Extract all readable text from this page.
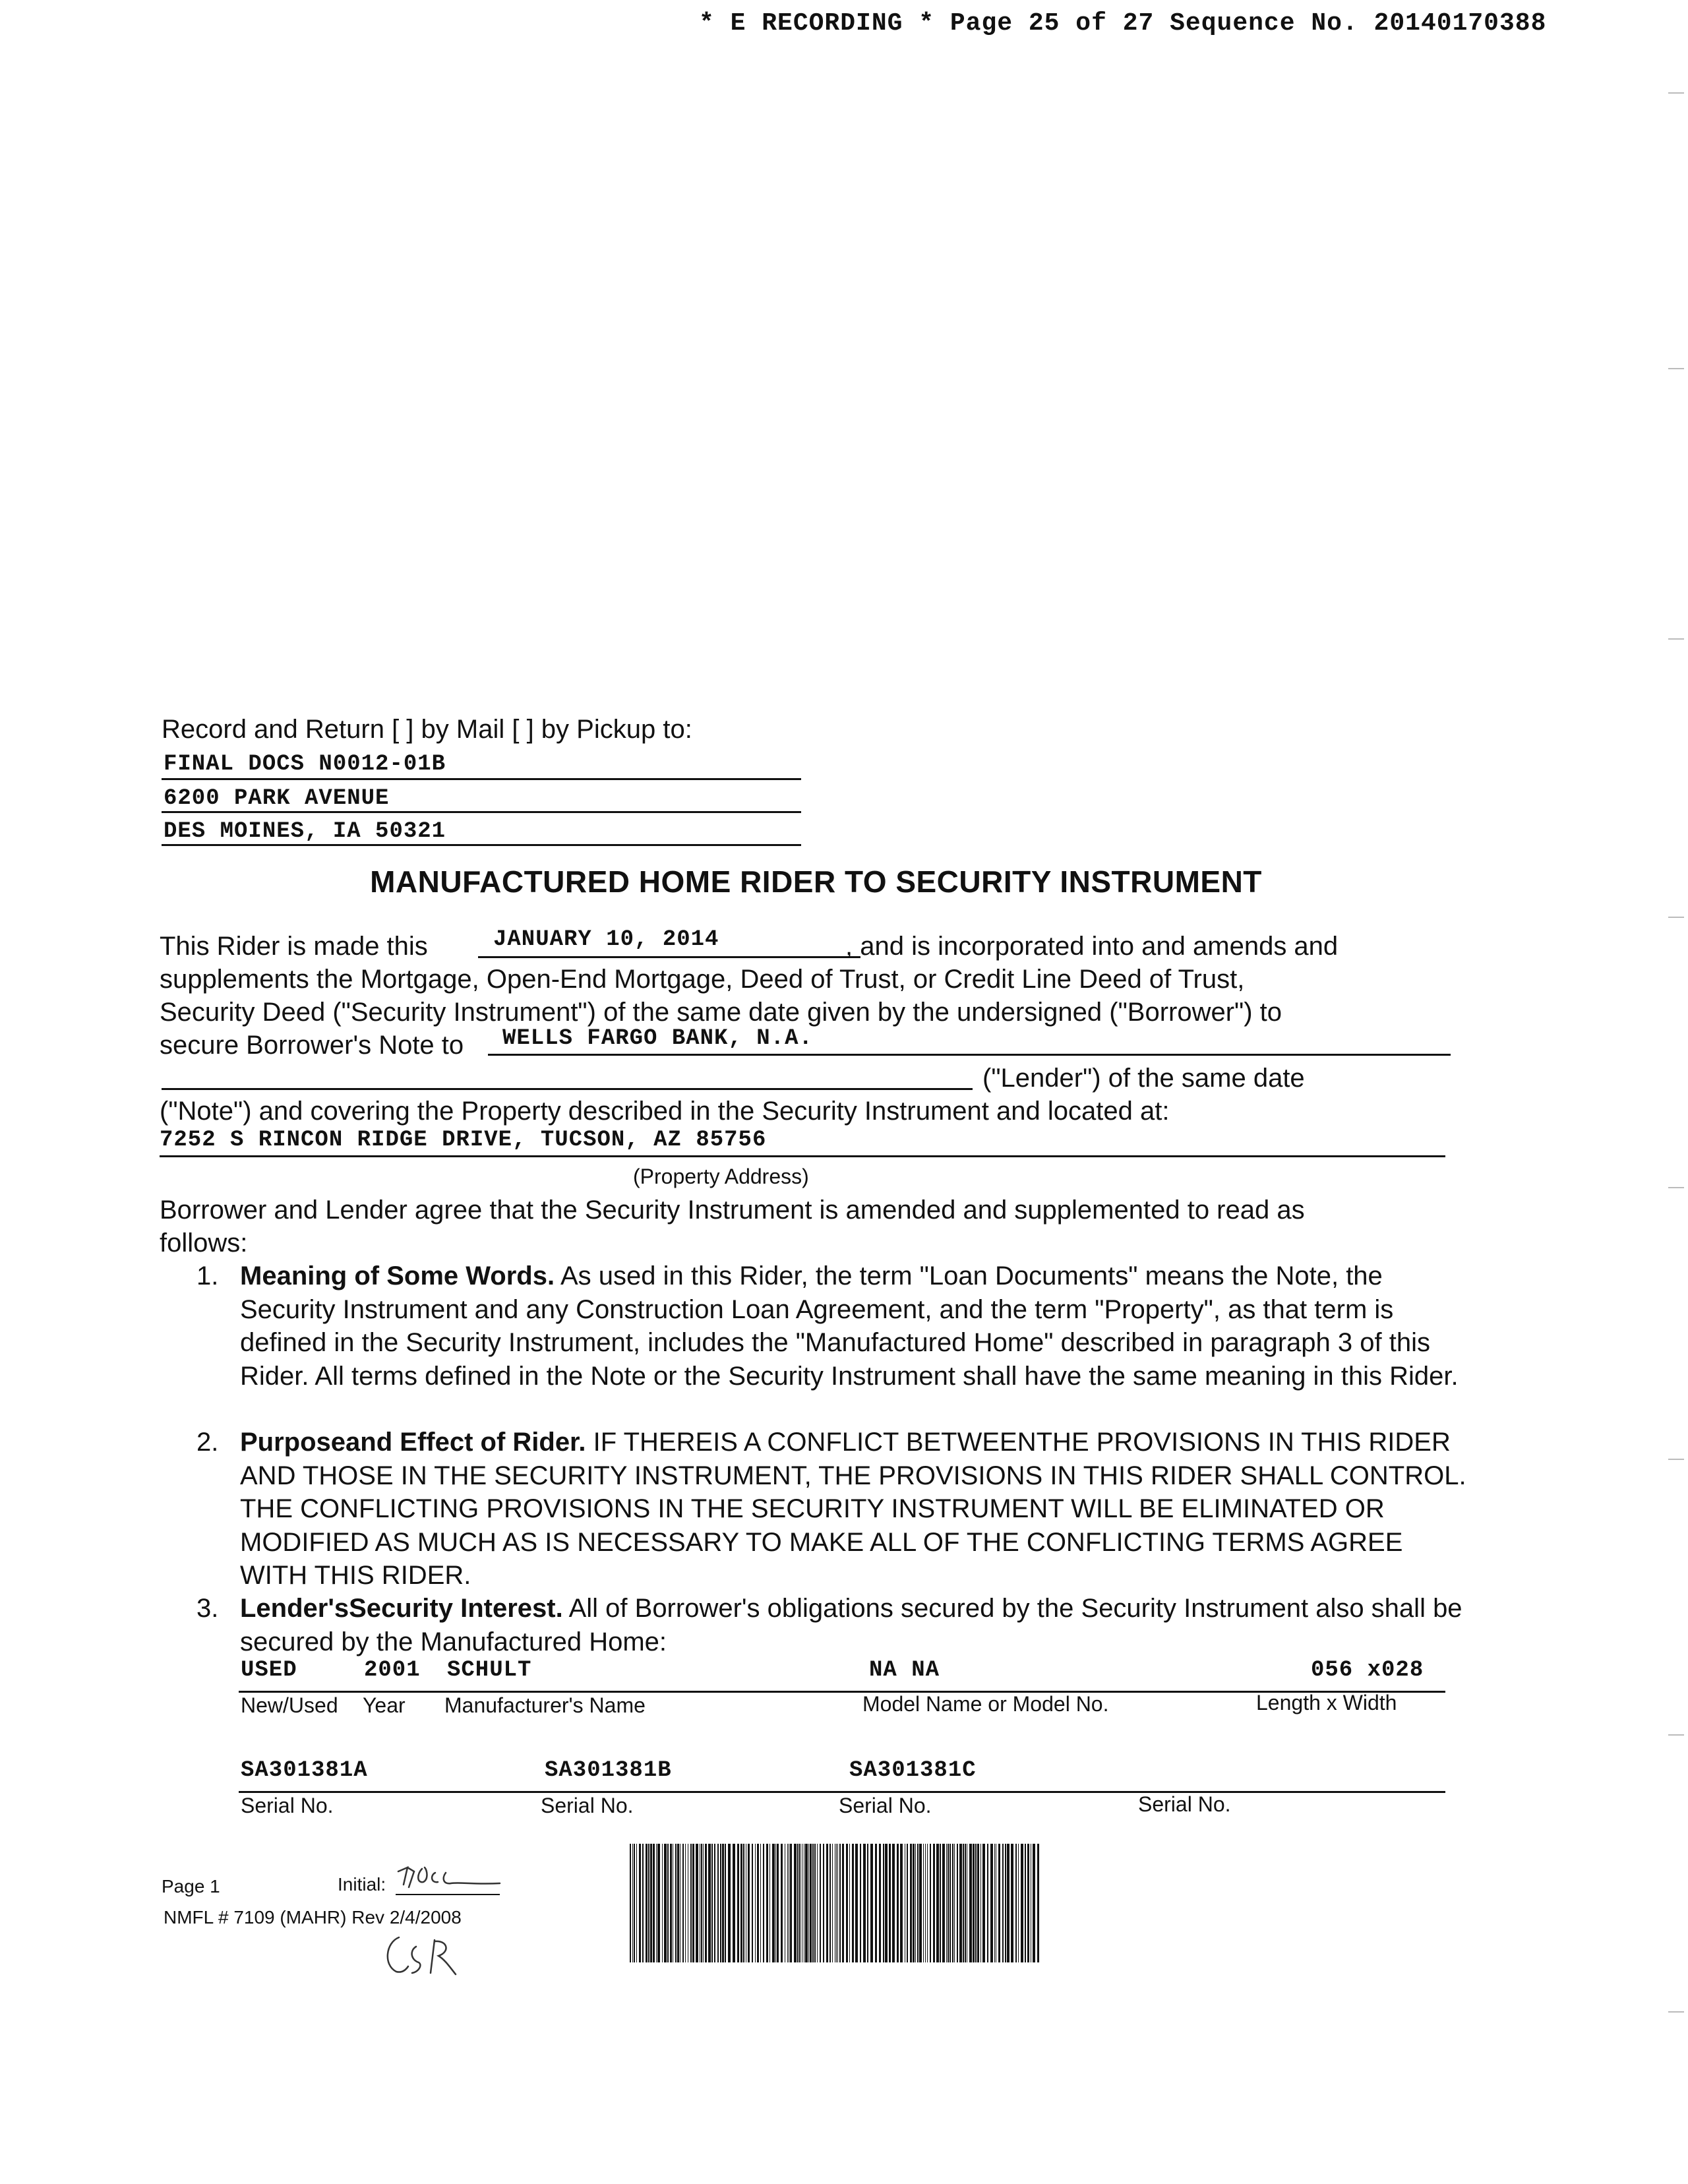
* E RECORDING * Page 25 of 27 Sequence No. 20140170388
Record and Return [ ] by Mail [ ] by Pickup to:
FINAL DOCS N0012-01B
6200 PARK AVENUE
DES MOINES, IA 50321
MANUFACTURED HOME RIDER TO SECURITY INSTRUMENT
This Rider is made this	JANUARY 10, 2014	, and is incorporated into and amends and
supplements the Mortgage, Open-End Mortgage, Deed of Trust, or Credit Line Deed of Trust,
Security Deed ("Security Instrument") of the same date given by the undersigned ("Borrower") to
secure Borrower's Note to WELLS FARGO BANK, N.A.
("Lender") of the same date
("Note") and covering the Property described in the Security Instrument and located at:
7252 S RINCON RIDGE DRIVE, TUCSON, AZ 85756
(Property Address)
Borrower and Lender agree that the Security Instrument is amended and supplemented to read as
follows:
1. Meaning of Some Words. As used in this Rider, the term "Loan Documents" means the Note, the Security Instrument and any Construction Loan Agreement, and the term "Property", as that term is defined in the Security Instrument, includes the "Manufactured Home" described in paragraph 3 of this Rider. All terms defined in the Note or the Security Instrument shall have the same meaning in this Rider.
2. Purposeand Effect of Rider. IF THEREIS A CONFLICT BETWEENTHE PROVISIONS IN THIS RIDER AND THOSE IN THE SECURITY INSTRUMENT, THE PROVISIONS IN THIS RIDER SHALL CONTROL. THE CONFLICTING PROVISIONS IN THE SECURITY INSTRUMENT WILL BE ELIMINATED OR MODIFIED AS MUCH AS IS NECESSARY TO MAKE ALL OF THE CONFLICTING TERMS AGREE WITH THIS RIDER.
3. Lender'sSecurity Interest. All of Borrower's obligations secured by the Security Instrument also shall be secured by the Manufactured Home:
USED	2001 SCHULT	NA NA	056 x028
New/Used Year Manufacturer's Name	Model Name or Model No.	Length x Width
SA301381A	SA301381B	SA301381C
Serial No.	Serial No.	Serial No.	Serial No.
Page 1	Initial:
NMFL # 7109 (MAHR) Rev 2/4/2008
